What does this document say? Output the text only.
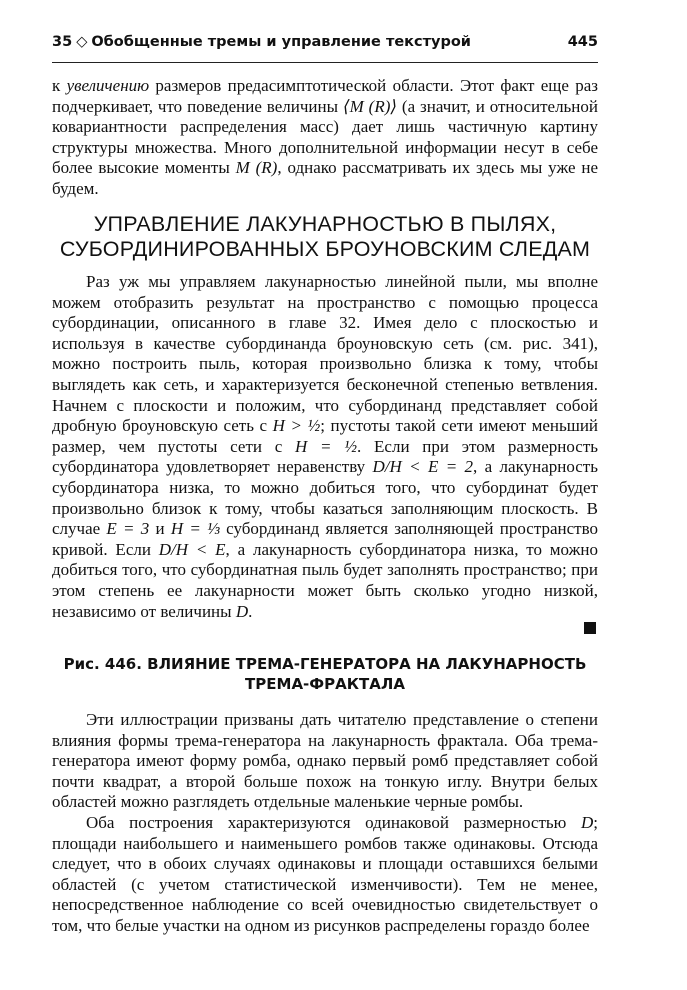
35 ◇ Обобщенные тремы и управление текстурой	445

к увеличению размеров предасимптотической области. Этот факт еще раз подчеркивает, что поведение величины ⟨M (R)⟩ (а значит, и относительной ковариантности распределения масс) дает лишь частичную картину структуры множества. Много дополнительной информации несут в себе более высокие моменты M (R), однако рассматривать их здесь мы уже не будем.

УПРАВЛЕНИЕ ЛАКУНАРНОСТЬЮ В ПЫЛЯХ,
СУБОРДИНИРОВАННЫХ БРОУНОВСКИМ СЛЕДАМ

Раз уж мы управляем лакунарностью линейной пыли, мы вполне можем отобразить результат на пространство с помощью процесса субординации, описанного в главе 32. Имея дело с плоскостью и используя в качестве субординанда броуновскую сеть (см. рис. 341), можно построить пыль, которая произвольно близка к тому, чтобы выглядеть как сеть, и характеризуется бесконечной степенью ветвления. Начнем с плоскости и положим, что субординанд представляет собой дробную броуновскую сеть с H > ½; пустоты такой сети имеют меньший размер, чем пустоты сети с H = ½. Если при этом размерность субординатора удовлетворяет неравенству D/H < E = 2, а лакунарность субординатора низка, то можно добиться того, что субординат будет произвольно близок к тому, чтобы казаться заполняющим плоскость. В случае E = 3 и H = ⅓ субординанд является заполняющей пространство кривой. Если D/H < E, а лакунарность субординатора низка, то можно добиться того, что субординатная пыль будет заполнять пространство; при этом степень ее лакунарности может быть сколько угодно низкой, независимо от величины D.

Рис. 446. ВЛИЯНИЕ ТРЕМА-ГЕНЕРАТОРА НА ЛАКУНАРНОСТЬ
ТРЕМА-ФРАКТАЛА

Эти иллюстрации призваны дать читателю представление о степени влияния формы трема-генератора на лакунарность фрактала. Оба трема-генератора имеют форму ромба, однако первый ромб представляет собой почти квадрат, а второй больше похож на тонкую иглу. Внутри белых областей можно разглядеть отдельные маленькие черные ромбы.

Оба построения характеризуются одинаковой размерностью D; площади наибольшего и наименьшего ромбов также одинаковы. Отсюда следует, что в обоих случаях одинаковы и площади оставшихся белыми областей (с учетом статистической изменчивости). Тем не менее, непосредственное наблюдение со всей очевидностью свидетельствует о том, что белые участки на одном из рисунков распределены гораздо более
